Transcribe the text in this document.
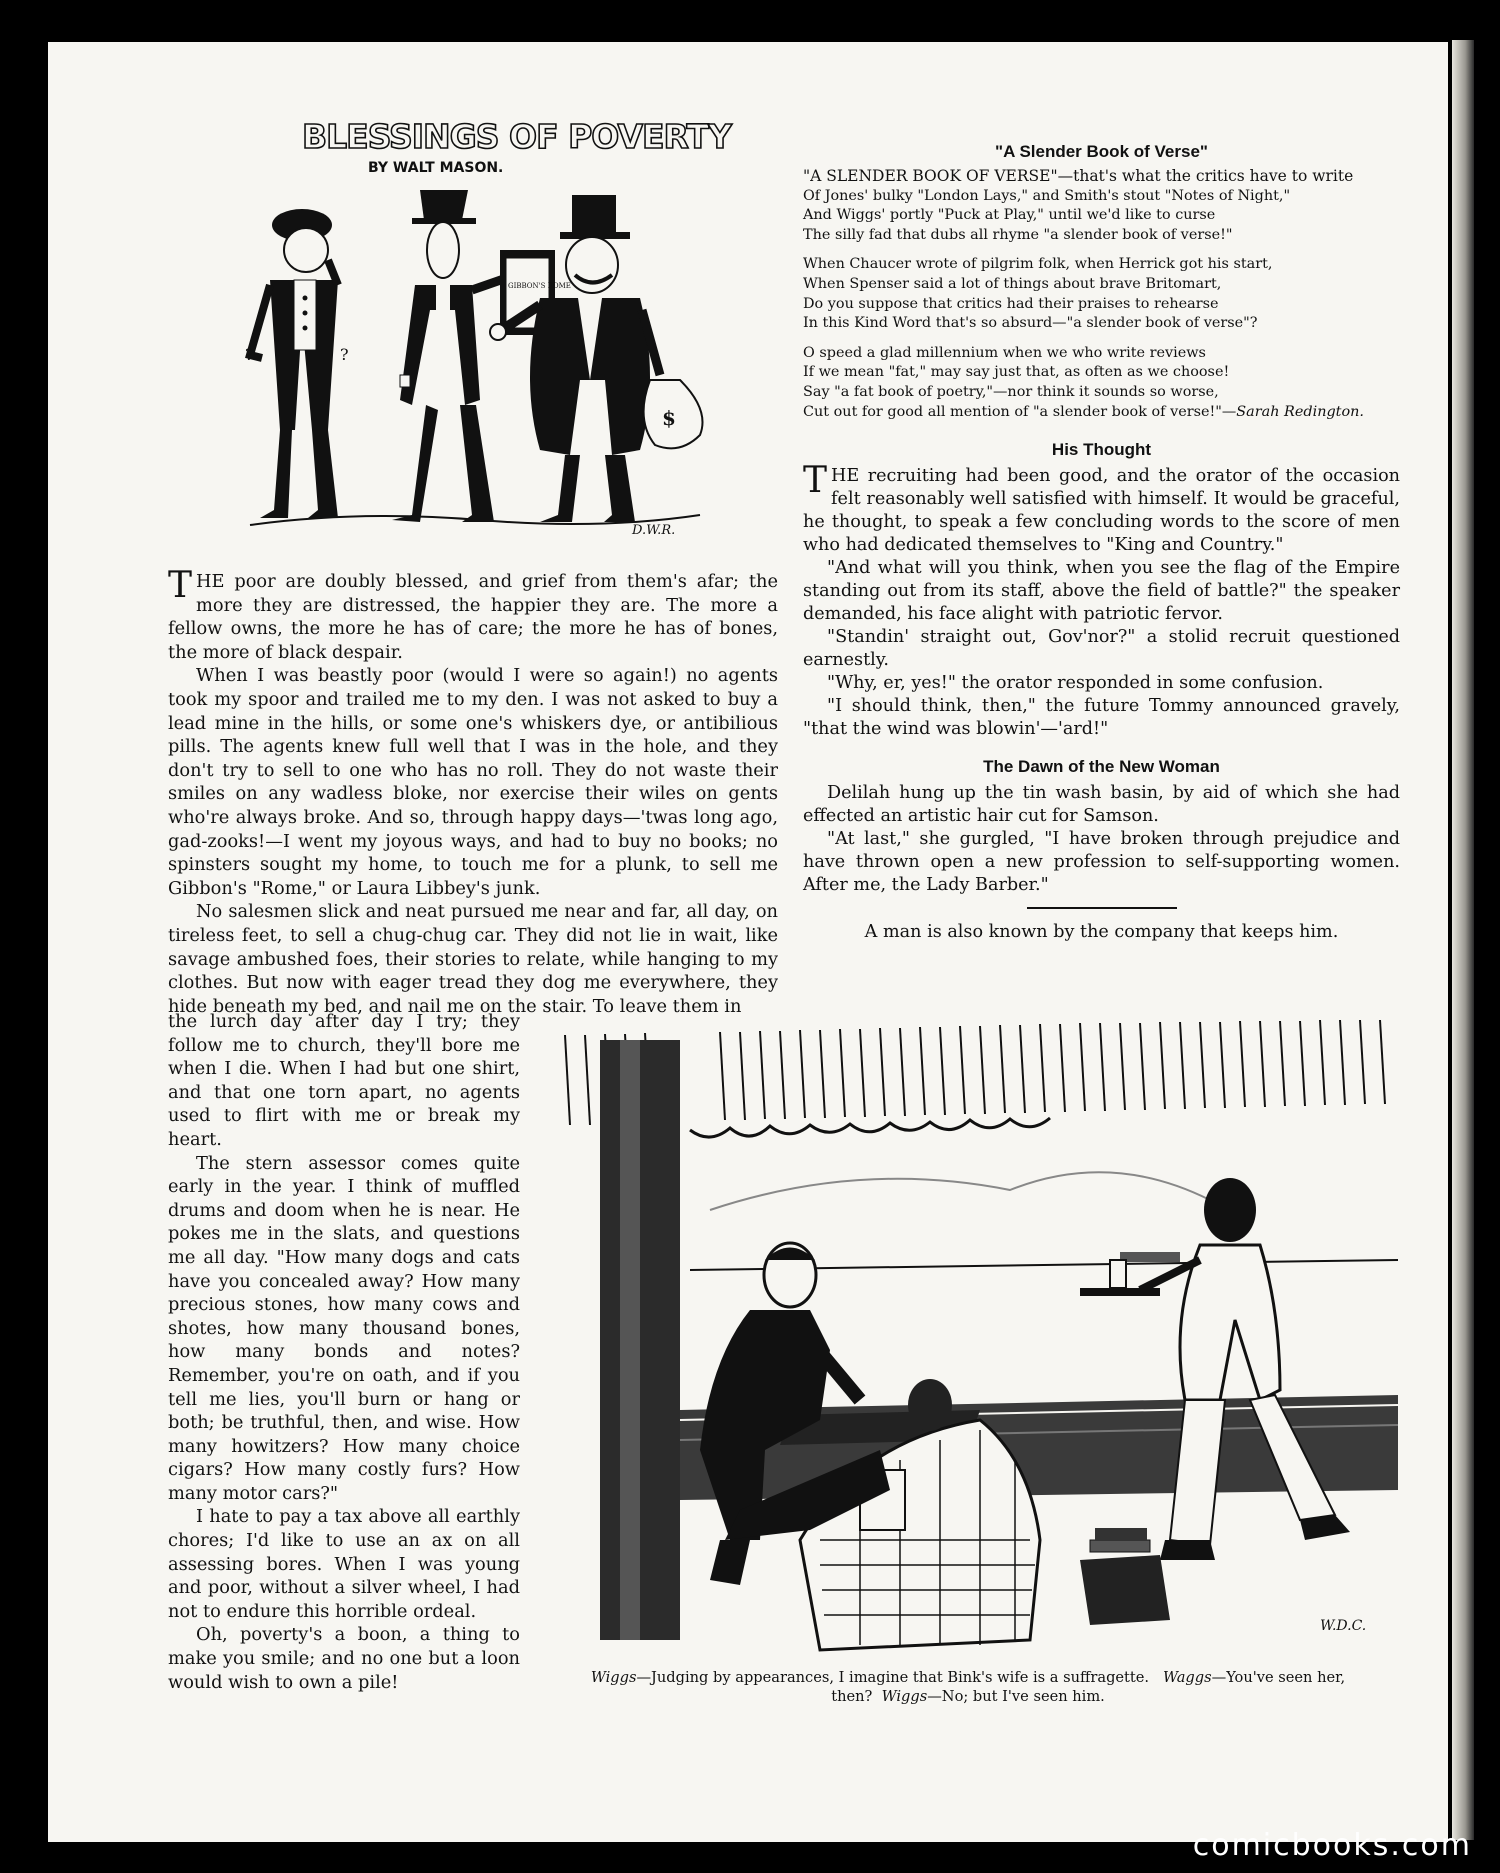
BLESSINGS OF POVERTY
BY WALT MASON.
?	?
GIBBON'S ROME
$
D.W.R.

THE poor are doubly blessed, and grief from them's afar; the more they are distressed, the happier they are. The more a fellow owns, the more he has of care; the more he has of bones, the more of black despair.

When I was beastly poor (would I were so again!) no agents took my spoor and trailed me to my den. I was not asked to buy a lead mine in the hills, or some one's whiskers dye, or antibilious pills. The agents knew full well that I was in the hole, and they don't try to sell to one who has no roll. They do not waste their smiles on any wadless bloke, nor exercise their wiles on gents who're always broke. And so, through happy days—'twas long ago, gad-zooks!—I went my joyous ways, and had to buy no books; no spinsters sought my home, to touch me for a plunk, to sell me Gibbon's "Rome," or Laura Libbey's junk.

No salesmen slick and neat pursued me near and far, all day, on tireless feet, to sell a chug-chug car. They did not lie in wait, like savage ambushed foes, their stories to relate, while hanging to my clothes. But now with eager tread they dog me everywhere, they hide beneath my bed, and nail me on the stair. To leave them in

the lurch day after day I try; they follow me to church, they'll bore me when I die. When I had but one shirt, and that one torn apart, no agents used to flirt with me or break my heart.

The stern assessor comes quite early in the year. I think of muffled drums and doom when he is near. He pokes me in the slats, and questions me all day. "How many dogs and cats have you concealed away? How many precious stones, how many cows and shotes, how many thousand bones, how many bonds and notes? Remember, you're on oath, and if you tell me lies, you'll burn or hang or both; be truthful, then, and wise. How many howitzers? How many choice cigars? How many costly furs? How many motor cars?"

I hate to pay a tax above all earthly chores; I'd like to use an ax on all assessing bores. When I was young and poor, without a silver wheel, I had not to endure this horrible ordeal.

Oh, poverty's a boon, a thing to make you smile; and no one but a loon would wish to own a pile!

"A Slender Book of Verse"

"A SLENDER BOOK OF VERSE"—that's what the critics have to write

Of Jones' bulky "London Lays," and Smith's stout "Notes of Night,"

And Wiggs' portly "Puck at Play," until we'd like to curse

The silly fad that dubs all rhyme "a slender book of verse!"

When Chaucer wrote of pilgrim folk, when Herrick got his start,

When Spenser said a lot of things about brave Britomart,

Do you suppose that critics had their praises to rehearse

In this Kind Word that's so absurd—"a slender book of verse"?

O speed a glad millennium when we who write reviews

If we mean "fat," may say just that, as often as we choose!

Say "a fat book of poetry,"—nor think it sounds so worse,

Cut out for good all mention of "a slender book of verse!"—Sarah Redington.

His Thought

THE recruiting had been good, and the orator of the occasion felt reasonably well satisfied with himself. It would be graceful, he thought, to speak a few concluding words to the score of men who had dedicated themselves to "King and Country."

"And what will you think, when you see the flag of the Empire standing out from its staff, above the field of battle?" the speaker demanded, his face alight with patriotic fervor.

"Standin' straight out, Gov'nor?" a stolid recruit questioned earnestly.

"Why, er, yes!" the orator responded in some confusion.

"I should think, then," the future Tommy announced gravely, "that the wind was blowin'—'ard!"

The Dawn of the New Woman

Delilah hung up the tin wash basin, by aid of which she had effected an artistic hair cut for Samson.

"At last," she gurgled, "I have broken through prejudice and have thrown open a new profession to self-supporting women. After me, the Lady Barber."

A man is also known by the company that keeps him.

W.D.C.
Wiggs—Judging by appearances, I imagine that Bink's wife is a suffragette. Waggs—You've seen her, then? Wiggs—No; but I've seen him.
comicbooks.com
